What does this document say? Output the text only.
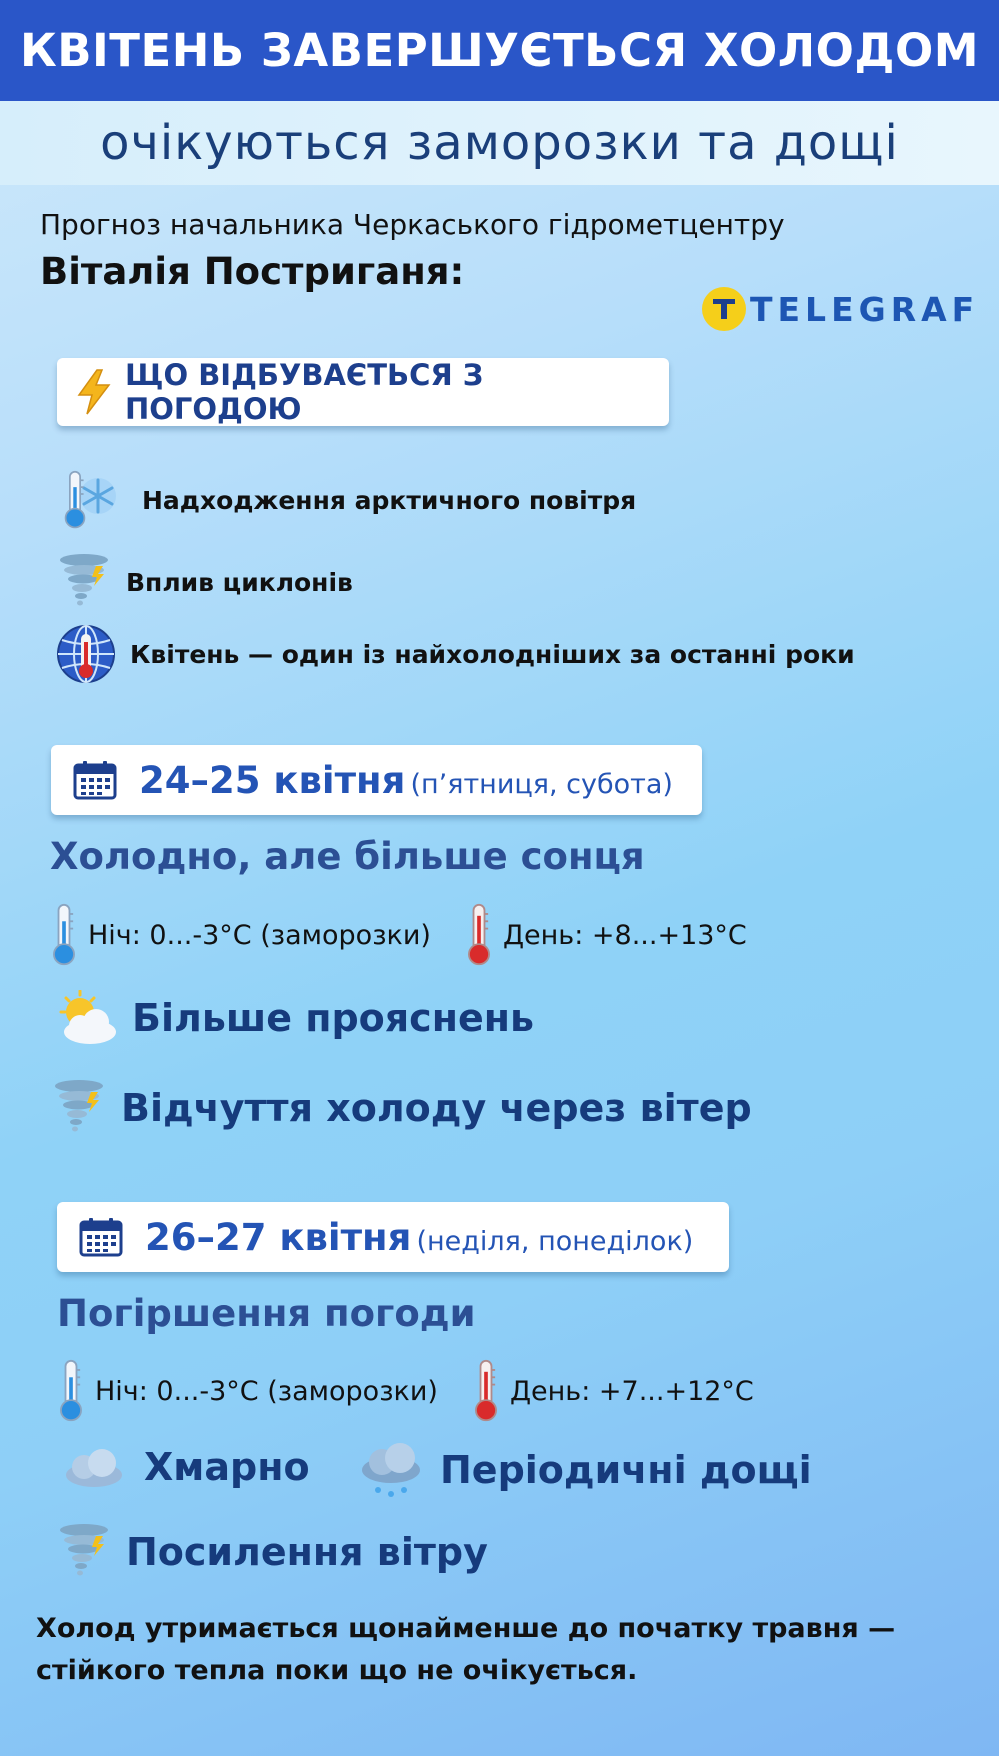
КВІТЕНЬ ЗАВЕРШУЄТЬСЯ ХОЛОДОМ
очікуються заморозки та дощі
Прогноз начальника Черкаського гідрометцентру
Віталія Постриганя:
TELEGRAF
ЩО ВІДБУВАЄТЬСЯ З ПОГОДОЮ
Надходження арктичного повітря
Вплив циклонів
Квітень — один із найхолодніших за останні роки
24–25 квітня (п’ятниця, субота)
Холодно, але більше сонця
Ніч: 0...-3°C (заморозки)	День: +8...+13°C
Більше прояснень
Відчуття холоду через вітер
26–27 квітня (неділя, понеділок)
Погіршення погоди
Ніч: 0...-3°C (заморозки)	День: +7...+12°C
Хмарно	Періодичні дощі
Посилення вітру
Холод утримається щонайменше до початку травня —
стійкого тепла поки що не очікується.
